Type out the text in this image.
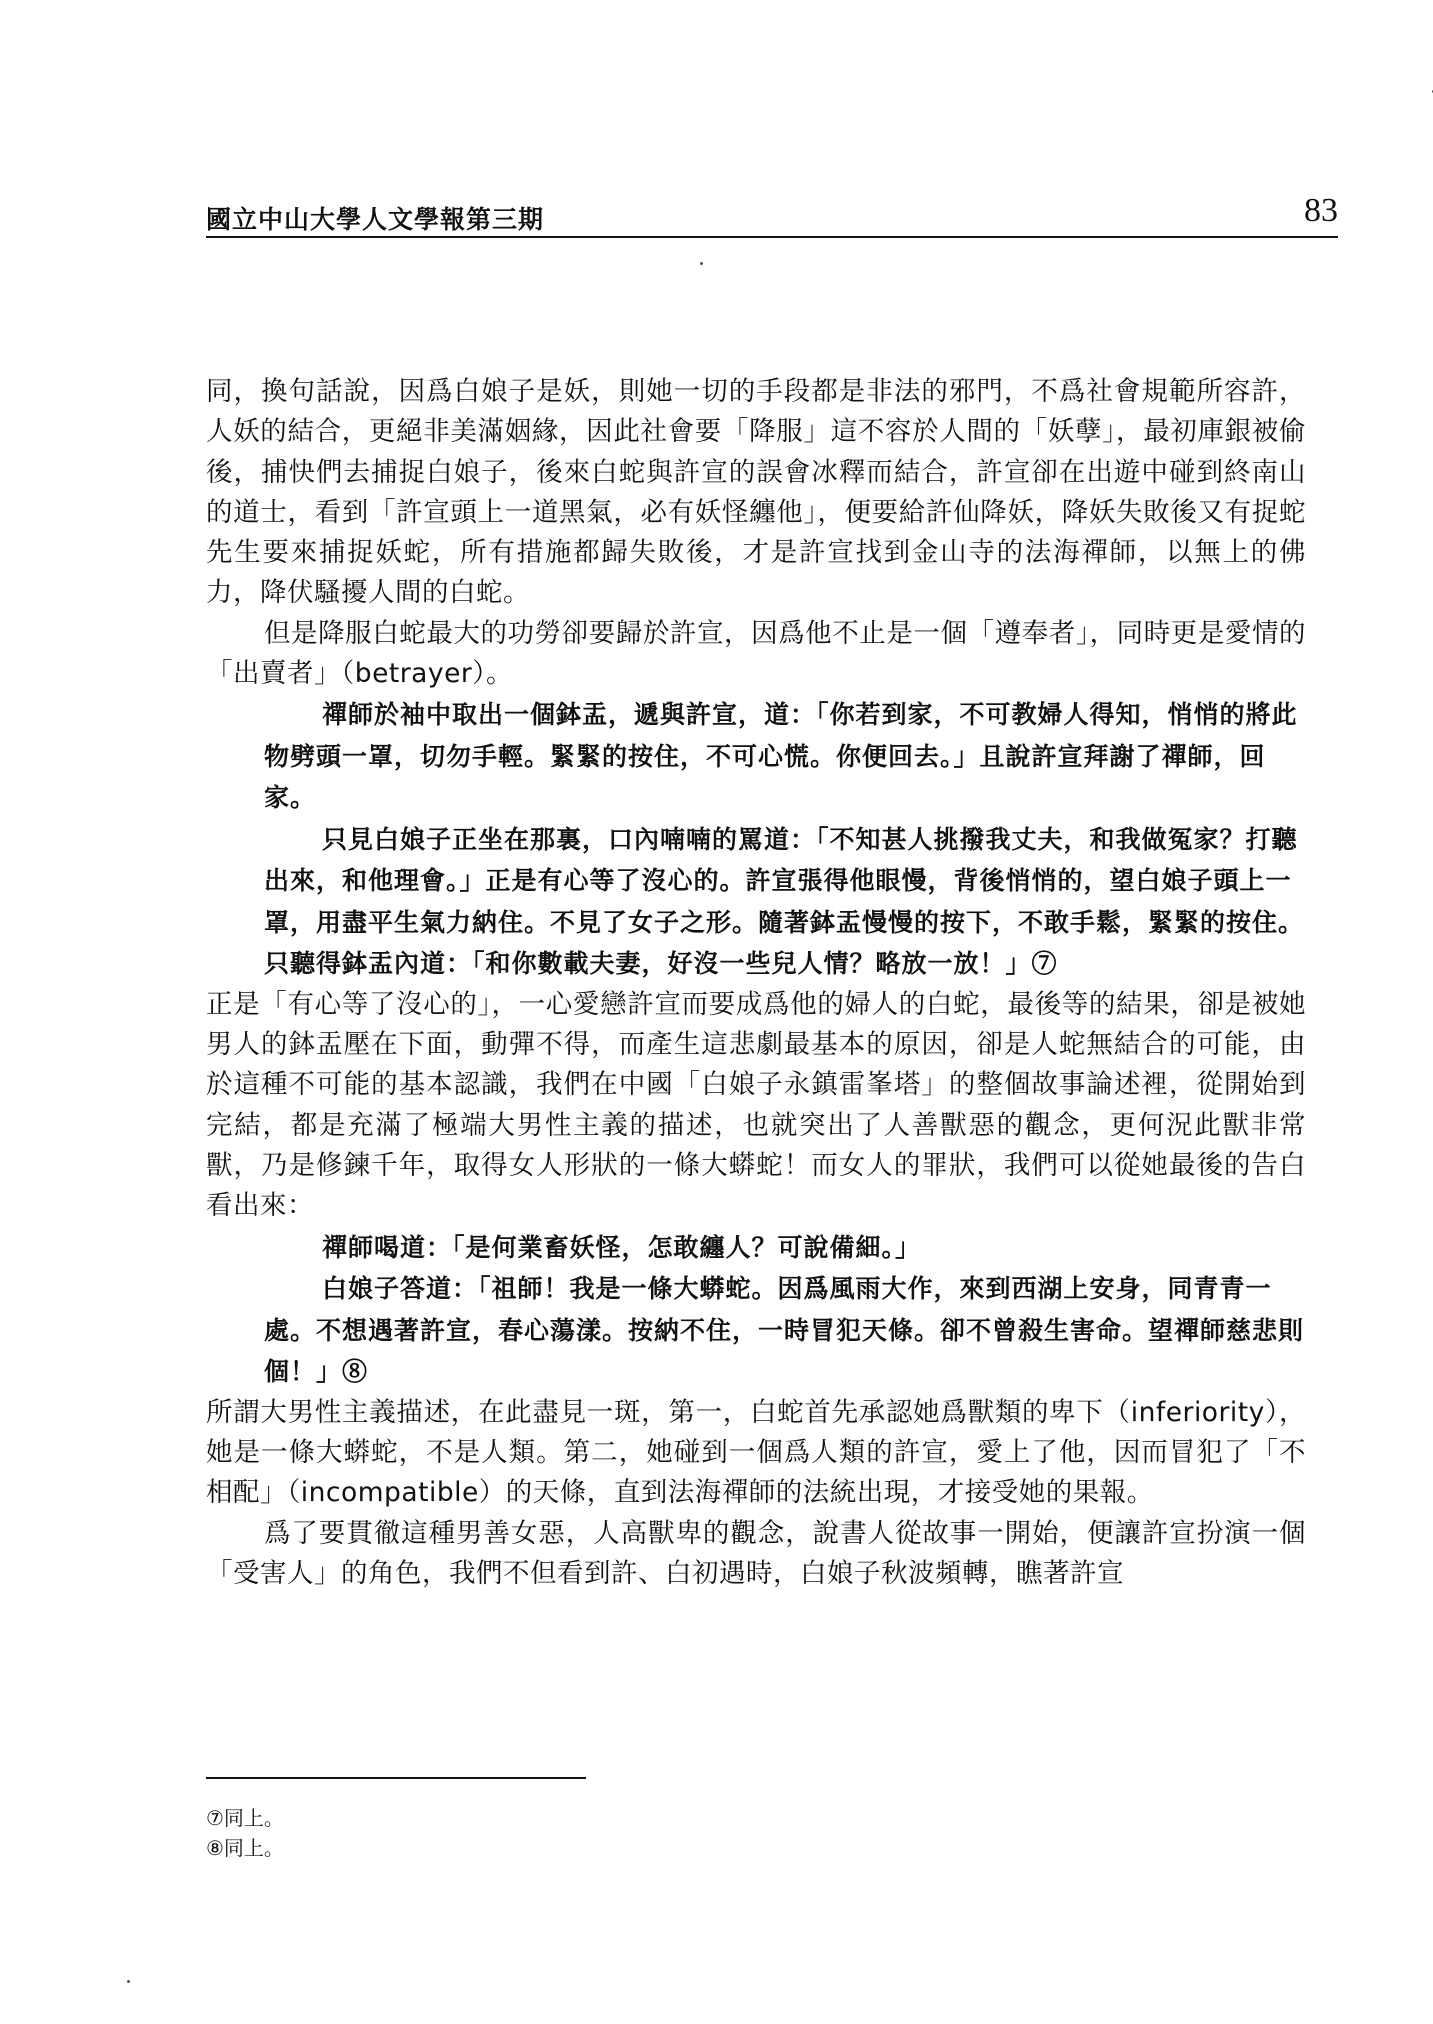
國立中山大學人文學報第三期	83

同，換句話說，因爲白娘子是妖，則她一切的手段都是非法的邪門，不爲社會規範所容許，人妖的結合，更絕非美滿姻緣，因此社會要「降服」這不容於人間的「妖孽」，最初庫銀被偷後，捕快們去捕捉白娘子，後來白蛇與許宣的誤會冰釋而結合，許宣卻在出遊中碰到終南山的道士，看到「許宣頭上一道黑氣，必有妖怪纏他」，便要給許仙降妖，降妖失敗後又有捉蛇先生要來捕捉妖蛇，所有措施都歸失敗後，才是許宣找到金山寺的法海禪師，以無上的佛力，降伏騷擾人間的白蛇。

但是降服白蛇最大的功勞卻要歸於許宣，因爲他不止是一個「遵奉者」，同時更是愛情的「出賣者」（betrayer）。

禪師於袖中取出一個鉢盂，遞與許宣，道：「你若到家，不可教婦人得知，悄悄的將此物劈頭一罩，切勿手輕。緊緊的按住，不可心慌。你便回去。」且說許宣拜謝了禪師，回家。

只見白娘子正坐在那裏，口內喃喃的罵道：「不知甚人挑撥我丈夫，和我做冤家？打聽出來，和他理會。」正是有心等了沒心的。許宣張得他眼慢，背後悄悄的，望白娘子頭上一罩，用盡平生氣力納住。不見了女子之形。隨著鉢盂慢慢的按下，不敢手鬆，緊緊的按住。只聽得鉢盂內道：「和你數載夫妻，好沒一些兒人情？略放一放！」⑦

正是「有心等了沒心的」，一心愛戀許宣而要成爲他的婦人的白蛇，最後等的結果，卻是被她男人的鉢盂壓在下面，動彈不得，而產生這悲劇最基本的原因，卻是人蛇無結合的可能，由於這種不可能的基本認識，我們在中國「白娘子永鎮雷峯塔」的整個故事論述裡，從開始到完結，都是充滿了極端大男性主義的描述，也就突出了人善獸惡的觀念，更何況此獸非常獸，乃是修鍊千年，取得女人形狀的一條大蟒蛇！而女人的罪狀，我們可以從她最後的告白看出來：

禪師喝道：「是何業畜妖怪，怎敢纏人？可說備細。」

白娘子答道：「祖師！我是一條大蟒蛇。因爲風雨大作，來到西湖上安身，同青青一處。不想遇著許宣，春心蕩漾。按納不住，一時冒犯天條。卻不曾殺生害命。望禪師慈悲則個！」⑧

所謂大男性主義描述，在此盡見一斑，第一，白蛇首先承認她爲獸類的卑下（inferiority），她是一條大蟒蛇，不是人類。第二，她碰到一個爲人類的許宣，愛上了他，因而冒犯了「不相配」（incompatible）的天條，直到法海禪師的法統出現，才接受她的果報。

爲了要貫徹這種男善女惡，人高獸卑的觀念，說書人從故事一開始，便讓許宣扮演一個「受害人」的角色，我們不但看到許、白初遇時，白娘子秋波頻轉，瞧著許宣

⑦同上。
⑧同上。
